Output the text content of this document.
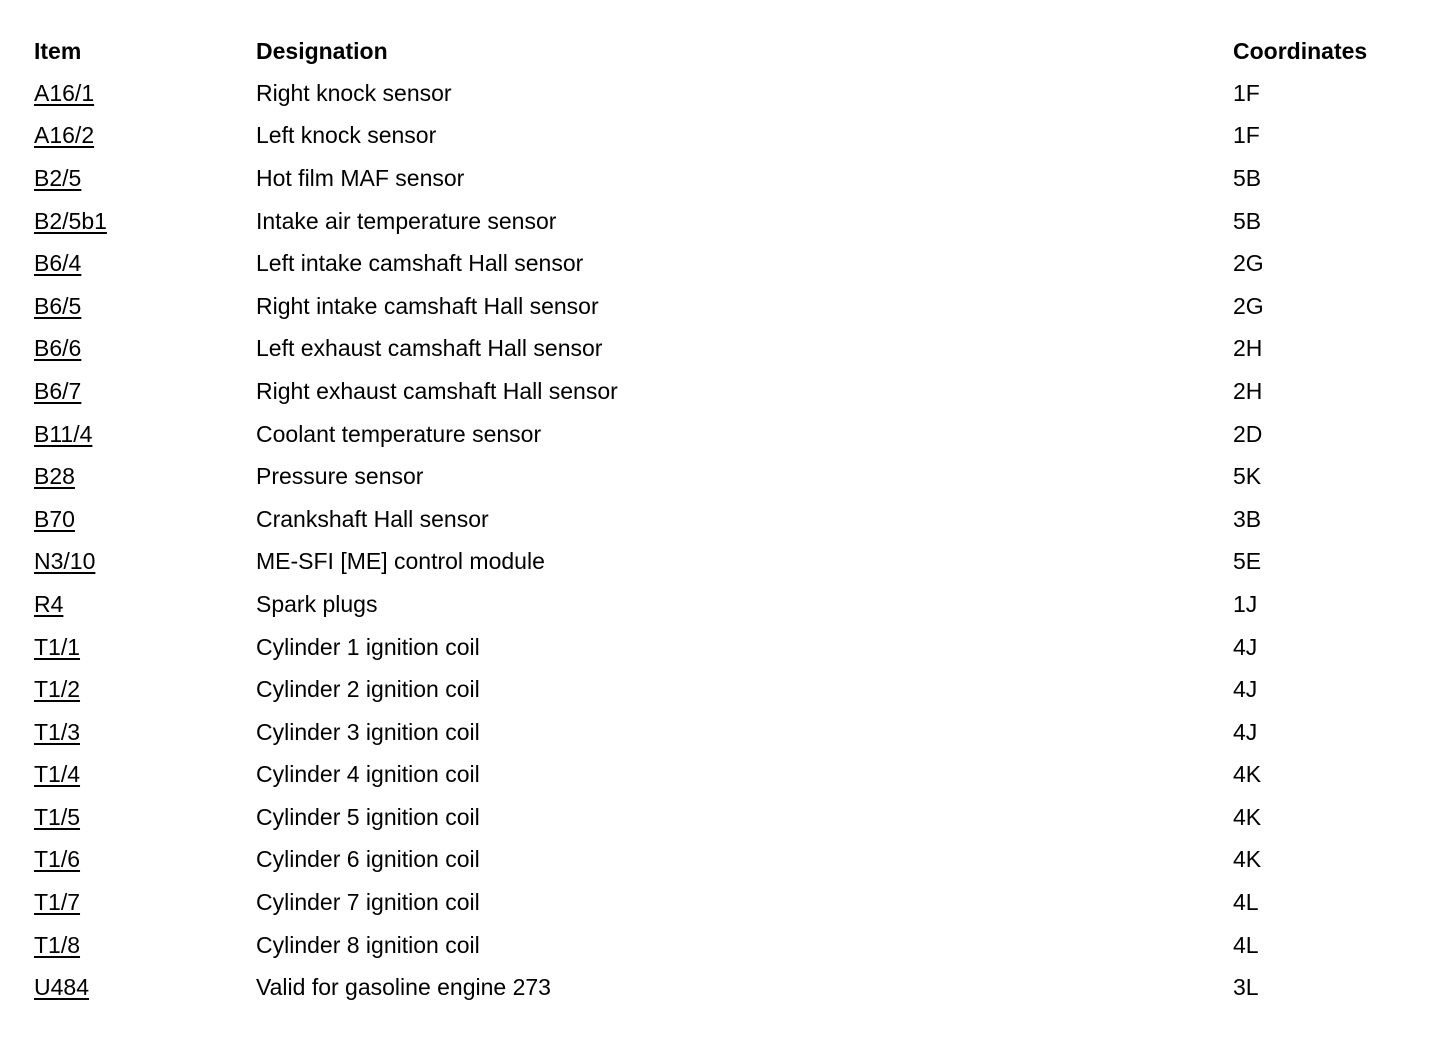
Item	Designation	Coordinates
A16/1	Right knock sensor	1F
A16/2	Left knock sensor	1F
B2/5	Hot film MAF sensor	5B
B2/5b1	Intake air temperature sensor	5B
B6/4	Left intake camshaft Hall sensor	2G
B6/5	Right intake camshaft Hall sensor	2G
B6/6	Left exhaust camshaft Hall sensor	2H
B6/7	Right exhaust camshaft Hall sensor	2H
B11/4	Coolant temperature sensor	2D
B28	Pressure sensor	5K
B70	Crankshaft Hall sensor	3B
N3/10	ME-SFI [ME] control module	5E
R4	Spark plugs	1J
T1/1	Cylinder 1 ignition coil	4J
T1/2	Cylinder 2 ignition coil	4J
T1/3	Cylinder 3 ignition coil	4J
T1/4	Cylinder 4 ignition coil	4K
T1/5	Cylinder 5 ignition coil	4K
T1/6	Cylinder 6 ignition coil	4K
T1/7	Cylinder 7 ignition coil	4L
T1/8	Cylinder 8 ignition coil	4L
U484	Valid for gasoline engine 273	3L
